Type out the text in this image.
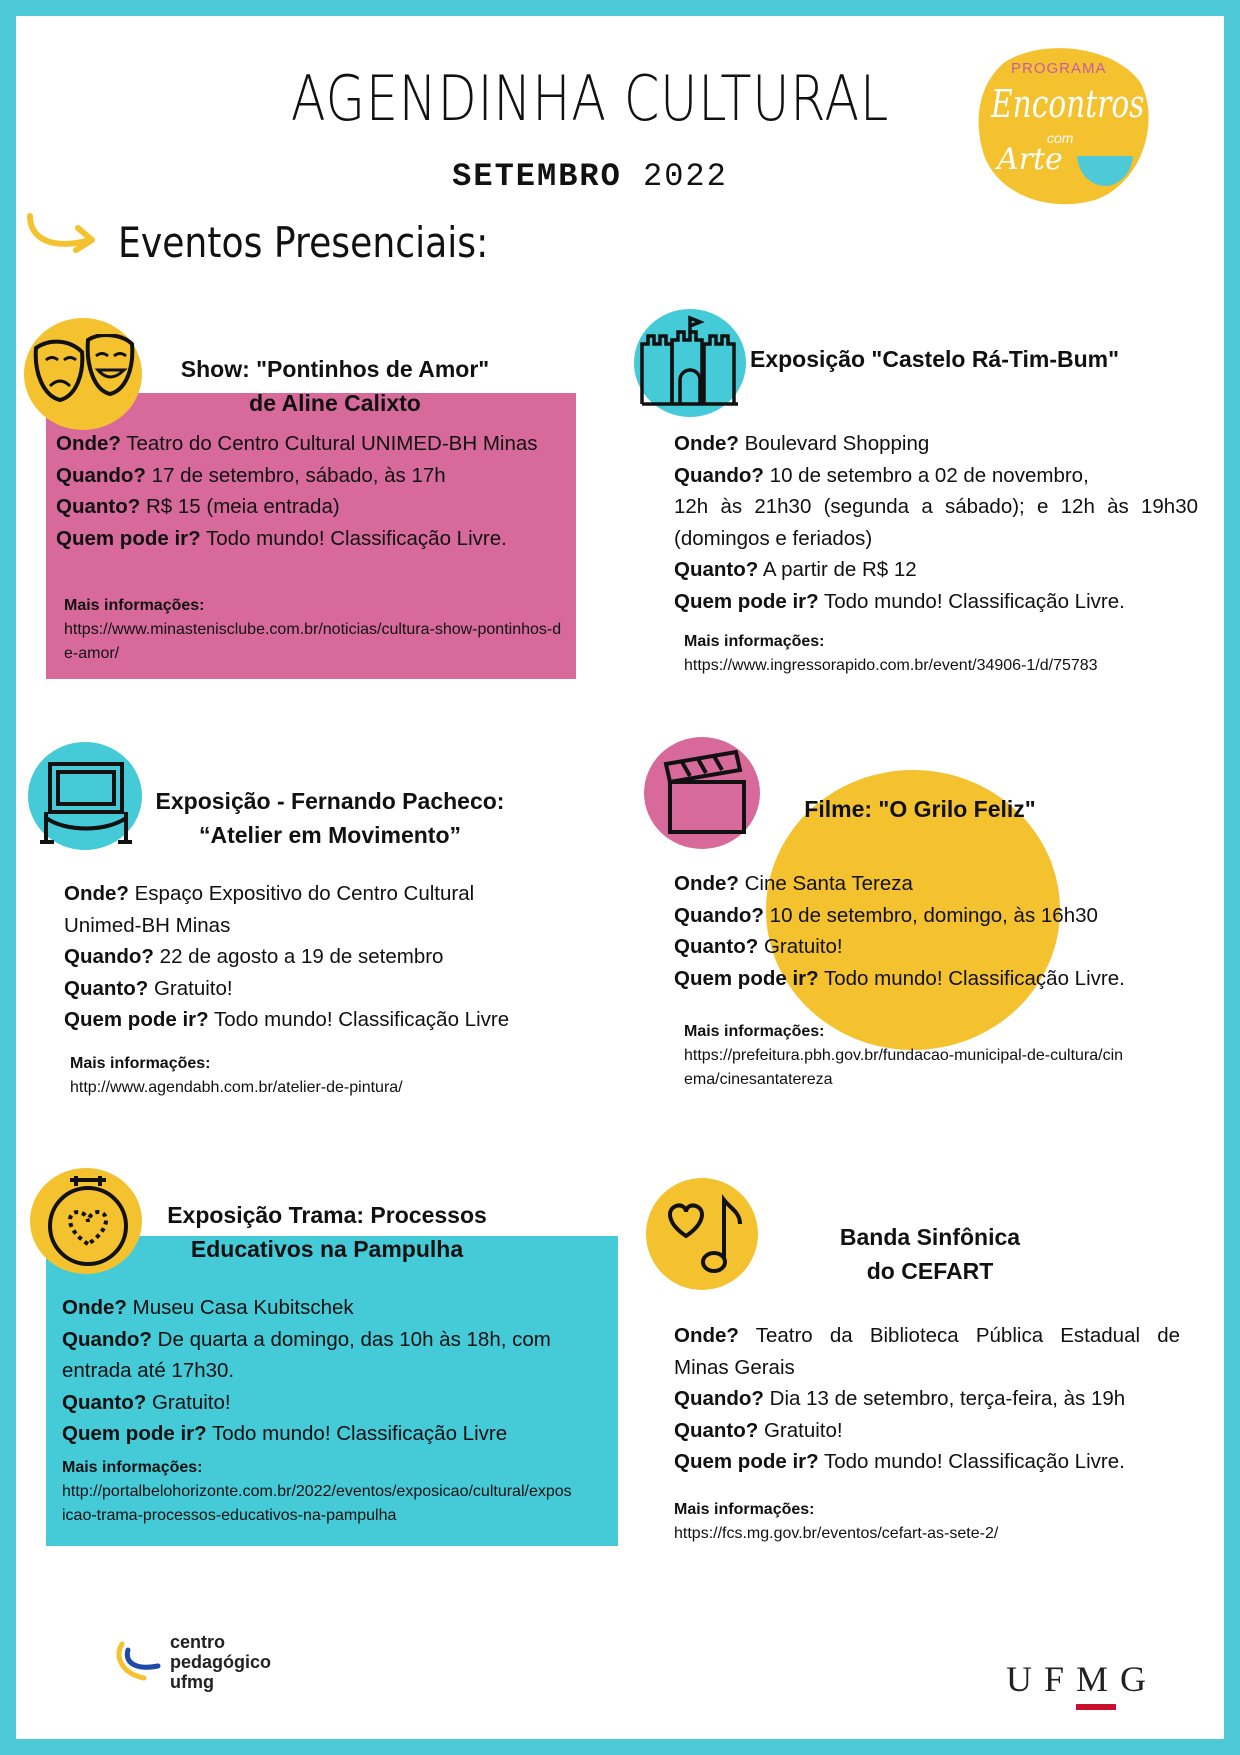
AGENDINHA CULTURAL
SETEMBRO 2022
PROGRAMA
Encontros
com
Arte
Eventos Presenciais:
Show: "Pontinhos de Amor"
de Aline Calixto
Onde? Teatro do Centro Cultural UNIMED-BH Minas
Quando? 17 de setembro, sábado, às 17h
Quanto? R$ 15 (meia entrada)
Quem pode ir? Todo mundo! Classificação Livre.
Mais informações:
https://www.minastenisclube.com.br/noticias/cultura-show-pontinhos-de-amor/
Exposição "Castelo Rá-Tim-Bum"
Onde? Boulevard Shopping
Quando? 10 de setembro a 02 de novembro,
12h às 21h30 (segunda a sábado); e 12h às 19h30
(domingos e feriados)
Quanto? A partir de R$ 12
Quem pode ir? Todo mundo! Classificação Livre.
Mais informações:
https://www.ingressorapido.com.br/event/34906-1/d/75783
Exposição - Fernando Pacheco:
“Atelier em Movimento”
Onde? Espaço Expositivo do Centro Cultural
Unimed-BH Minas
Quando? 22 de agosto a 19 de setembro
Quanto? Gratuito!
Quem pode ir? Todo mundo! Classificação Livre
Mais informações:
http://www.agendabh.com.br/atelier-de-pintura/
Filme: "O Grilo Feliz"
Onde? Cine Santa Tereza
Quando? 10 de setembro, domingo, às 16h30
Quanto? Gratuito!
Quem pode ir? Todo mundo! Classificação Livre.
Mais informações:
https://prefeitura.pbh.gov.br/fundacao-municipal-de-cultura/cinema/cinesantatereza
Exposição Trama: Processos
Educativos na Pampulha
Onde? Museu Casa Kubitschek
Quando? De quarta a domingo, das 10h às 18h, com
entrada até 17h30.
Quanto? Gratuito!
Quem pode ir? Todo mundo! Classificação Livre
Mais informações:
http://portalbelohorizonte.com.br/2022/eventos/exposicao/cultural/exposicao-trama-processos-educativos-na-pampulha
Banda Sinfônica
do CEFART
Onde? Teatro da Biblioteca Pública Estadual de
Minas Gerais
Quando? Dia 13 de setembro, terça-feira, às 19h
Quanto? Gratuito!
Quem pode ir? Todo mundo! Classificação Livre.
Mais informações:
https://fcs.mg.gov.br/eventos/cefart-as-sete-2/
centro
pedagógico
ufmg	UFMG
